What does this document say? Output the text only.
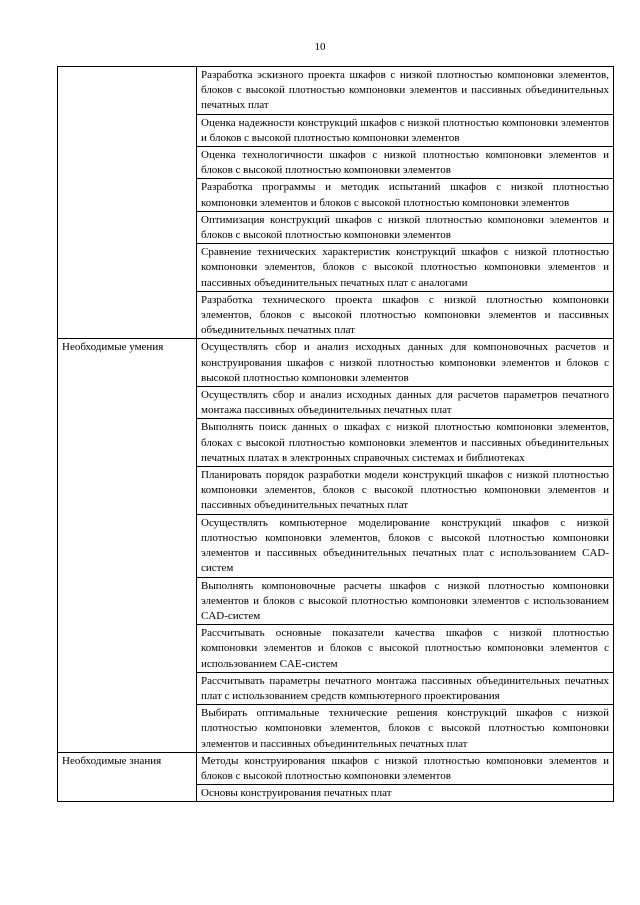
10
	Разработка эскизного проекта шкафов с низкой плотностью компоновки элементов, блоков с высокой плотностью компоновки элементов и пассивных объединительных печатных плат
	Оценка надежности конструкций шкафов с низкой плотностью компоновки элементов и блоков с высокой плотностью компоновки элементов
	Оценка технологичности шкафов с низкой плотностью компоновки элементов и блоков с высокой плотностью компоновки элементов
	Разработка программы и методик испытаний шкафов с низкой плотностью компоновки элементов и блоков с высокой плотностью компоновки элементов
	Оптимизация конструкций шкафов с низкой плотностью компоновки элементов и блоков с высокой плотностью компоновки элементов
	Сравнение технических характеристик конструкций шкафов с низкой плотностью компоновки элементов, блоков с высокой плотностью компоновки элементов и пассивных объединительных печатных плат с аналогами
	Разработка технического проекта шкафов с низкой плотностью компоновки элементов, блоков с высокой плотностью компоновки элементов и пассивных объединительных печатных плат
Необходимые умения	Осуществлять сбор и анализ исходных данных для компоновочных расчетов и конструирования шкафов с низкой плотностью компоновки элементов и блоков с высокой плотностью компоновки элементов
	Осуществлять сбор и анализ исходных данных для расчетов параметров печатного монтажа пассивных объединительных печатных плат
	Выполнять поиск данных о шкафах с низкой плотностью компоновки элементов, блоках с высокой плотностью компоновки элементов и пассивных объединительных печатных платах в электронных справочных системах и библиотеках
	Планировать порядок разработки модели конструкций шкафов с низкой плотностью компоновки элементов, блоков с высокой плотностью компоновки элементов и пассивных объединительных печатных плат
	Осуществлять компьютерное моделирование конструкций шкафов с низкой плотностью компоновки элементов, блоков с высокой плотностью компоновки элементов и пассивных объединительных печатных плат с использованием CAD-систем
	Выполнять компоновочные расчеты шкафов с низкой плотностью компоновки элементов и блоков с высокой плотностью компоновки элементов с использованием CAD-систем
	Рассчитывать основные показатели качества шкафов с низкой плотностью компоновки элементов и блоков с высокой плотностью компоновки элементов с использованием CAE-систем
	Рассчитывать параметры печатного монтажа пассивных объединительных печатных плат с использованием средств компьютерного проектирования
	Выбирать оптимальные технические решения конструкций шкафов с низкой плотностью компоновки элементов, блоков с высокой плотностью компоновки элементов и пассивных объединительных печатных плат
Необходимые знания	Методы конструирования шкафов с низкой плотностью компоновки элементов и блоков с высокой плотностью компоновки элементов
	Основы конструирования печатных плат
